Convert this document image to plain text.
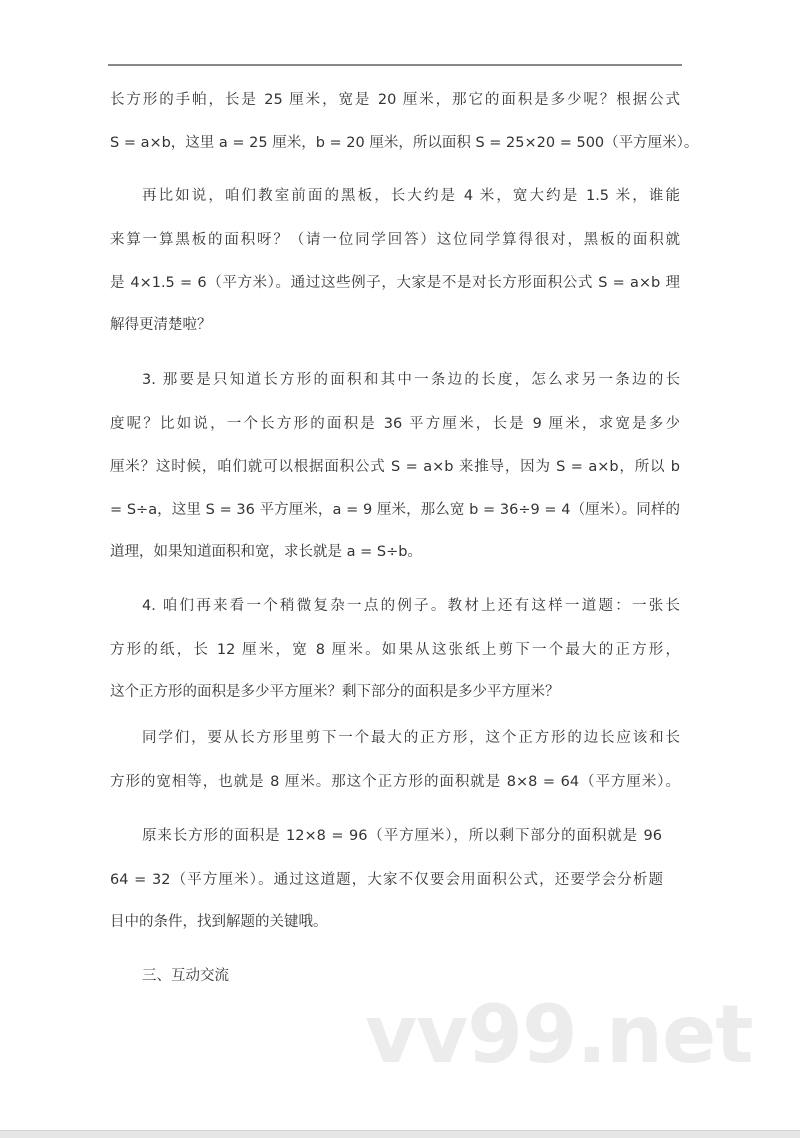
长方形的手帕，长是 25 厘米，宽是 20 厘米，那它的面积是多少呢？根据公式
S = a×b，这里 a = 25 厘米，b = 20 厘米，所以面积 S = 25×20 = 500（平方厘米）。
再比如说，咱们教室前面的黑板，长大约是 4 米，宽大约是 1.5 米，谁能
来算一算黑板的面积呀？（请一位同学回答）这位同学算得很对，黑板的面积就
是 4×1.5 = 6（平方米）。通过这些例子，大家是不是对长方形面积公式 S = a×b 理
解得更清楚啦？
3. 那要是只知道长方形的面积和其中一条边的长度，怎么求另一条边的长
度呢？比如说，一个长方形的面积是 36 平方厘米，长是 9 厘米，求宽是多少
厘米？这时候，咱们就可以根据面积公式 S = a×b 来推导，因为 S = a×b，所以 b
= S÷a，这里 S = 36 平方厘米，a = 9 厘米，那么宽 b = 36÷9 = 4（厘米）。同样的
道理，如果知道面积和宽，求长就是 a = S÷b。
4. 咱们再来看一个稍微复杂一点的例子。教材上还有这样一道题：一张长
方形的纸，长 12 厘米，宽 8 厘米。如果从这张纸上剪下一个最大的正方形，
这个正方形的面积是多少平方厘米？剩下部分的面积是多少平方厘米？
同学们，要从长方形里剪下一个最大的正方形，这个正方形的边长应该和长
方形的宽相等，也就是 8 厘米。那这个正方形的面积就是 8×8 = 64（平方厘米）。
原来长方形的面积是 12×8 = 96（平方厘米），所以剩下部分的面积就是 96
64 = 32（平方厘米）。通过这道题，大家不仅要会用面积公式，还要学会分析题
目中的条件，找到解题的关键哦。
三、互动交流
vv99.net
